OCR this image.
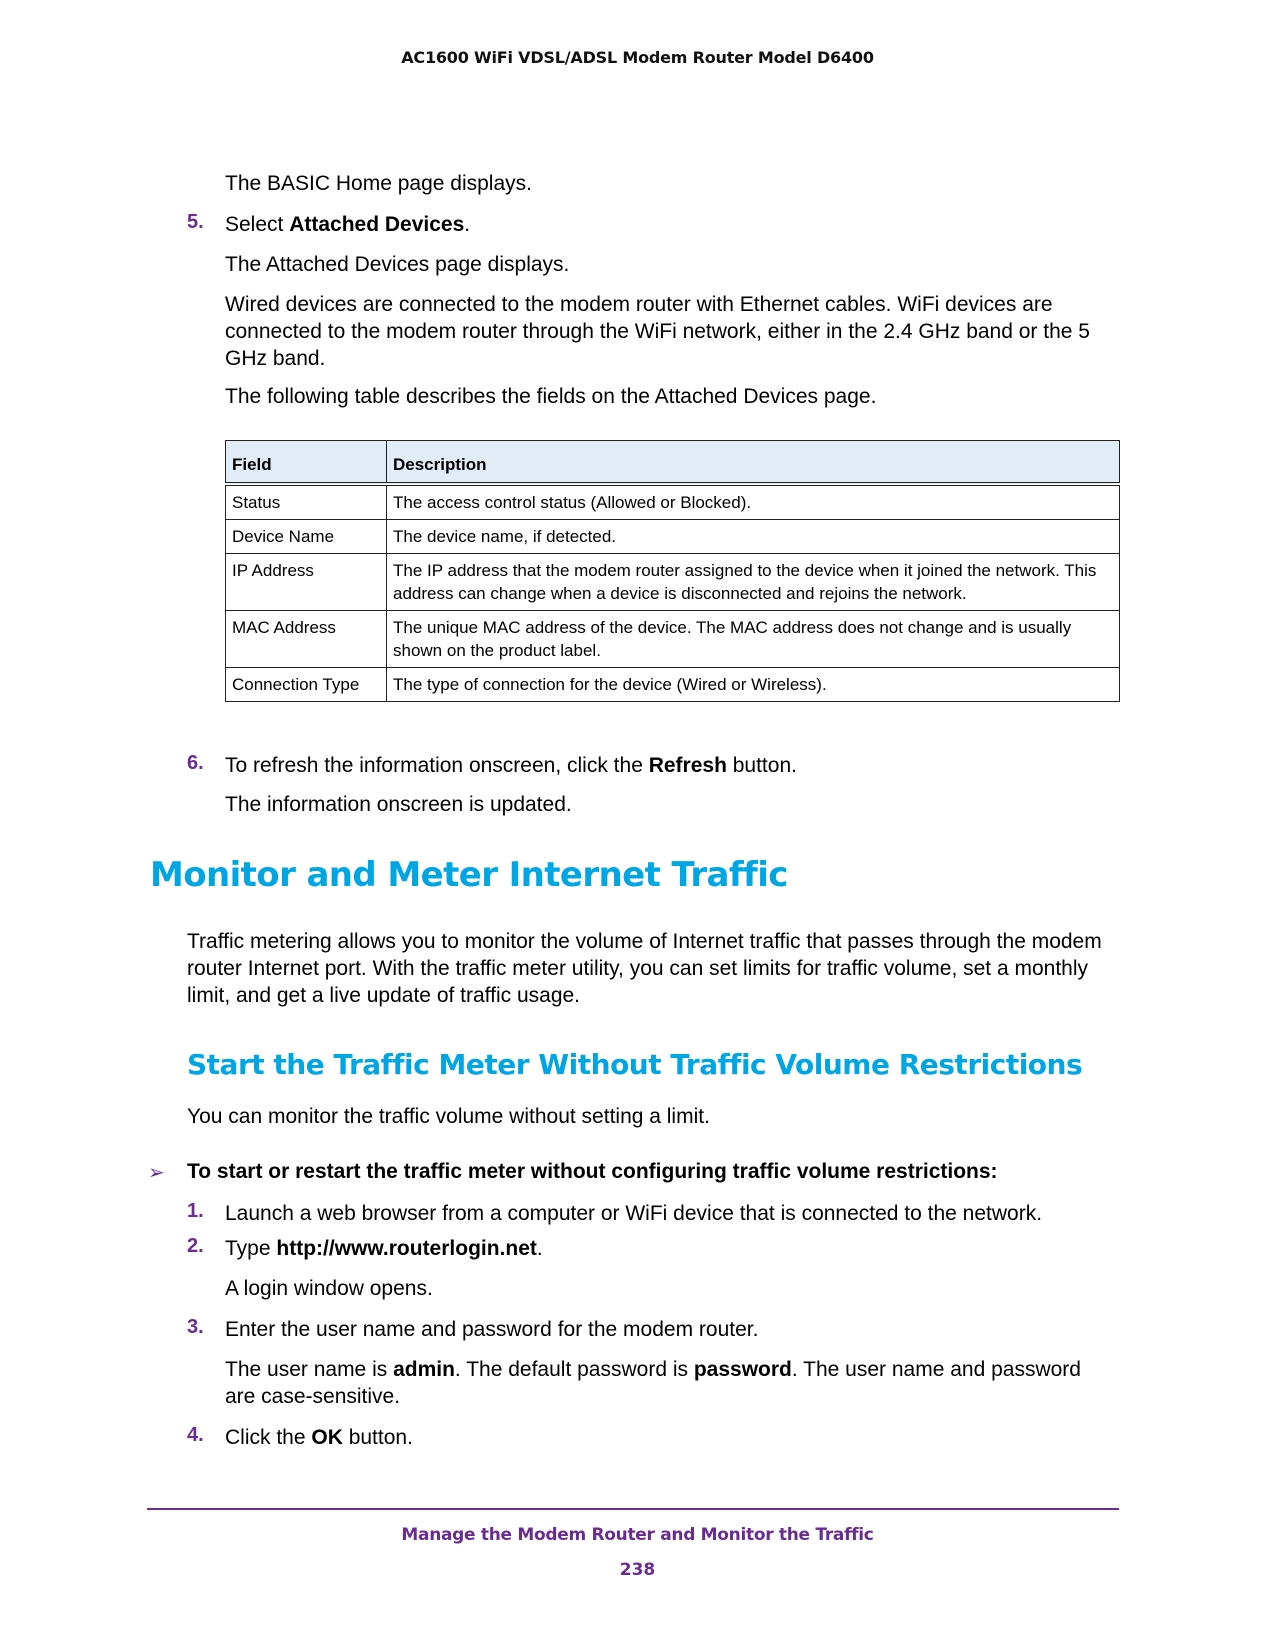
AC1600 WiFi VDSL/ADSL Modem Router Model D6400
The BASIC Home page displays.
5. Select Attached Devices.
The Attached Devices page displays.
Wired devices are connected to the modem router with Ethernet cables. WiFi devices are connected to the modem router through the WiFi network, either in the 2.4 GHz band or the 5 GHz band.
The following table describes the fields on the Attached Devices page.
Field	Description
Status	The access control status (Allowed or Blocked).
Device Name	The device name, if detected.
IP Address	The IP address that the modem router assigned to the device when it joined the network. This address can change when a device is disconnected and rejoins the network.
MAC Address	The unique MAC address of the device. The MAC address does not change and is usually shown on the product label.
Connection Type	The type of connection for the device (Wired or Wireless).
6. To refresh the information onscreen, click the Refresh button.
The information onscreen is updated.
Monitor and Meter Internet Traffic
Traffic metering allows you to monitor the volume of Internet traffic that passes through the modem router Internet port. With the traffic meter utility, you can set limits for traffic volume, set a monthly limit, and get a live update of traffic usage.
Start the Traffic Meter Without Traffic Volume Restrictions
You can monitor the traffic volume without setting a limit.
➢ To start or restart the traffic meter without configuring traffic volume restrictions:
1. Launch a web browser from a computer or WiFi device that is connected to the network.
2. Type http://www.routerlogin.net.
A login window opens.
3. Enter the user name and password for the modem router.
The user name is admin. The default password is password. The user name and password are case-sensitive.
4. Click the OK button.
Manage the Modem Router and Monitor the Traffic
238
